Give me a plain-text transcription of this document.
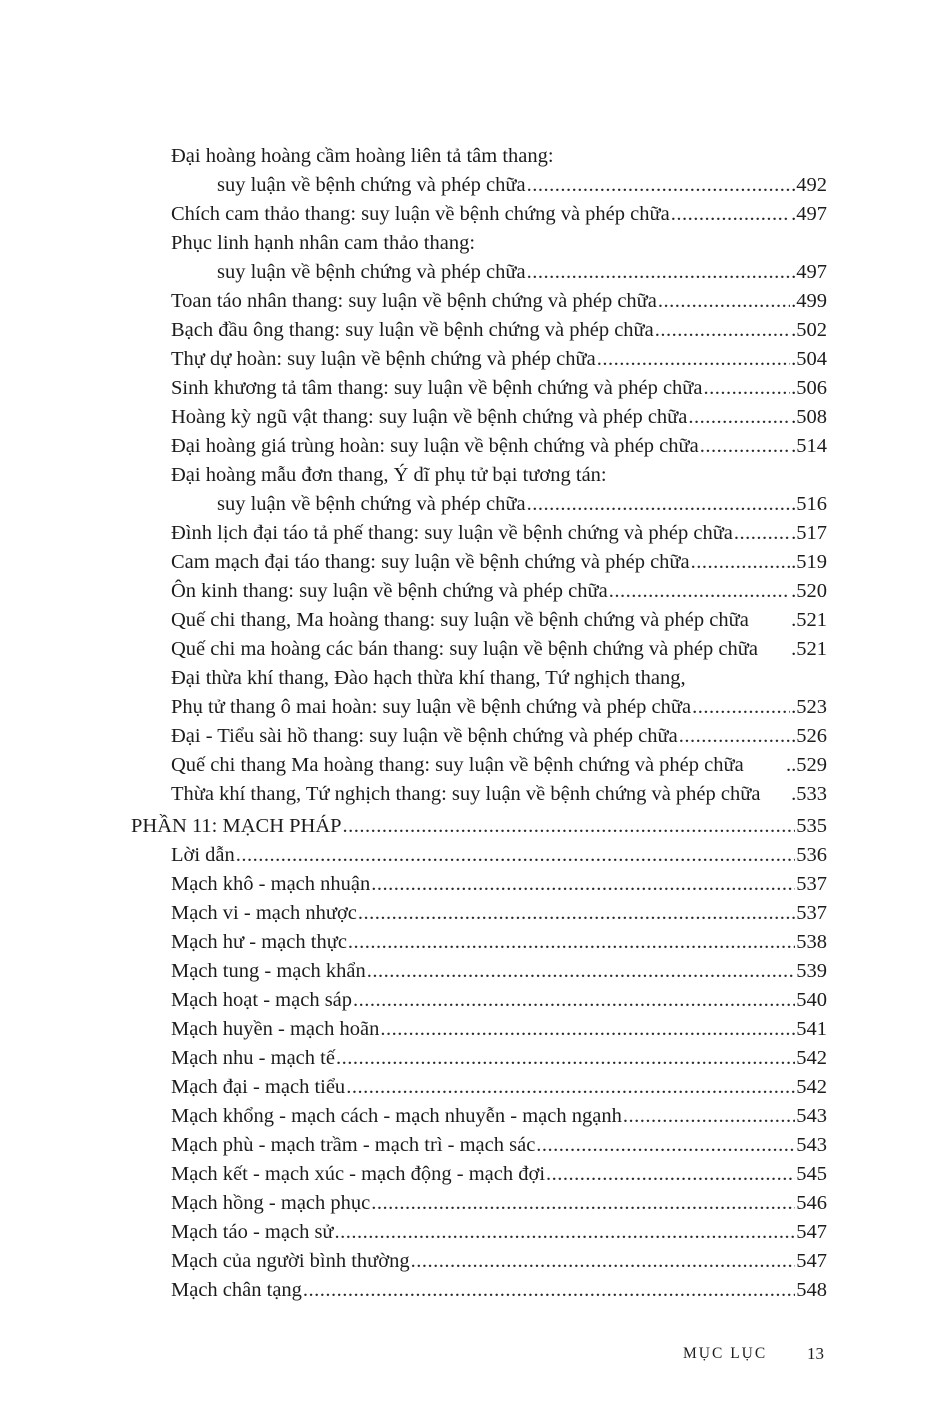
Đại hoàng hoàng cầm hoàng liên tả tâm thang:
suy luận về bệnh chứng và phép chữa .....	.492
Chích cam thảo thang: suy luận về bệnh chứng và phép chữa .....	.497
Phục linh hạnh nhân cam thảo thang:
suy luận về bệnh chứng và phép chữa .....	.497
Toan táo nhân thang: suy luận về bệnh chứng và phép chữa .....	.499
Bạch đầu ông thang: suy luận về bệnh chứng và phép chữa .....	.502
Thự dự hoàn: suy luận về bệnh chứng và phép chữa .....	.504
Sinh khương tả tâm thang: suy luận về bệnh chứng và phép chữa .....	.506
Hoàng kỳ ngũ vật thang: suy luận về bệnh chứng và phép chữa .....	.508
Đại hoàng giá trùng hoàn: suy luận về bệnh chứng và phép chữa .....	.514
Đại hoàng mẫu đơn thang, Ý dĩ phụ tử bại tương tán:
suy luận về bệnh chứng và phép chữa .....	.516
Đình lịch đại táo tả phế thang: suy luận về bệnh chứng và phép chữa .....	.517
Cam mạch đại táo thang: suy luận về bệnh chứng và phép chữa .....	.519
Ôn kinh thang: suy luận về bệnh chứng và phép chữa .....	.520
Quế chi thang, Ma hoàng thang: suy luận về bệnh chứng và phép chữa .521
Quế chi ma hoàng các bán thang: suy luận về bệnh chứng và phép chữa .521
Đại thừa khí thang, Đào hạch thừa khí thang, Tứ nghịch thang,
Phụ tử thang ô mai hoàn: suy luận về bệnh chứng và phép chữa .....	.523
Đại - Tiểu sài hồ thang: suy luận về bệnh chứng và phép chữa .....	.526
Quế chi thang Ma hoàng thang: suy luận về bệnh chứng và phép chữa ..529
Thừa khí thang, Tứ nghịch thang: suy luận về bệnh chứng và phép chữa .533
PHẦN 11: MẠCH PHÁP .....	535
Lời dẫn .....	536
Mạch khô - mạch nhuận .....	537
Mạch vi - mạch nhược .....	537
Mạch hư - mạch thực .....	538
Mạch tung - mạch khẩn .....	539
Mạch hoạt - mạch sáp .....	540
Mạch huyền - mạch hoãn .....	541
Mạch nhu - mạch tế .....	542
Mạch đại - mạch tiểu .....	542
Mạch khổng - mạch cách - mạch nhuyễn - mạch ngạnh .....	543
Mạch phù - mạch trầm - mạch trì - mạch sác .....	543
Mạch kết - mạch xúc - mạch động - mạch đợi .....	545
Mạch hồng - mạch phục .....	546
Mạch táo - mạch sử .....	547
Mạch của người bình thường .....	547
Mạch chân tạng .....	548
MỤC LỤC 13
